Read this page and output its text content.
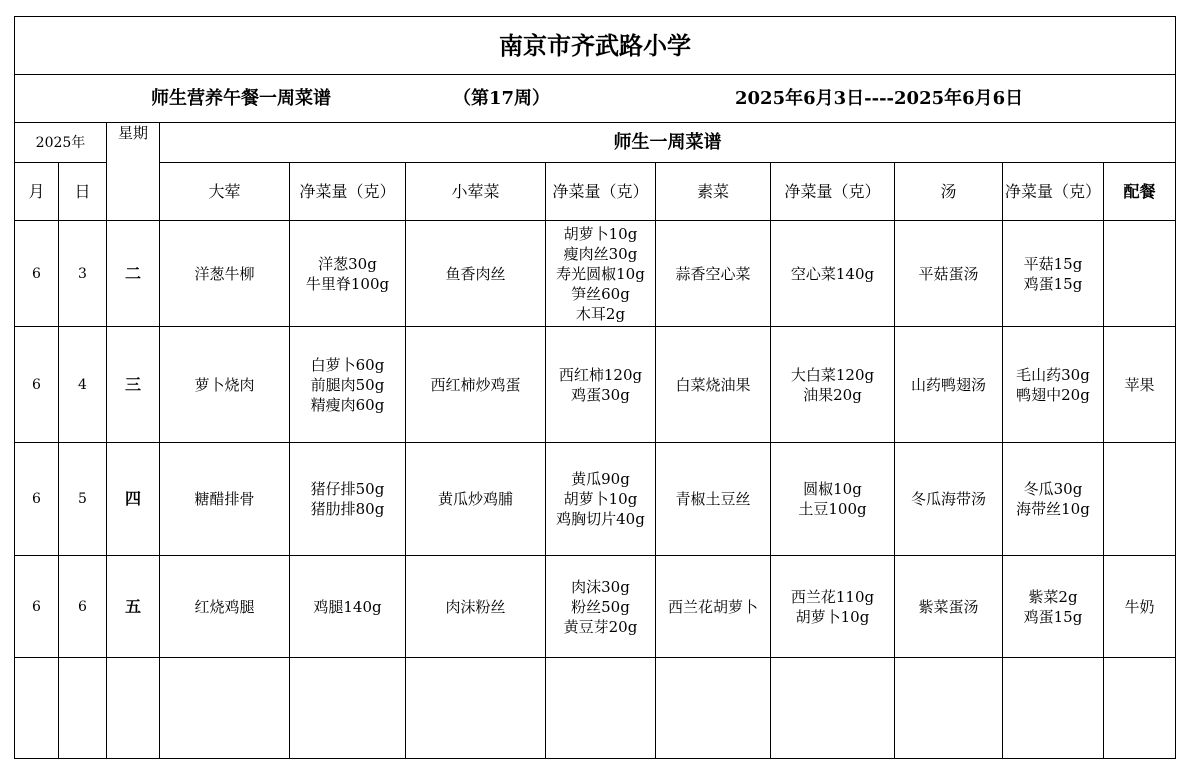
南京市齐武路小学											

师生营养午餐一周菜谱 （第17周） 2025年6月3日----2025年6月6日											

2025年		星期	师生一周菜谱								
月	日		大荤	净菜量（克）	小荤菜	净菜量（克）	素菜	净菜量（克）	汤	净菜量（克）	配餐
6	3	二	洋葱牛柳	洋葱30g
牛里脊100g	鱼香肉丝	胡萝卜10g
瘦肉丝30g
寿光圆椒10g
笋丝60g
木耳2g	蒜香空心菜	空心菜140g	平菇蛋汤	平菇15g
鸡蛋15g	

6	4	三	萝卜烧肉	白萝卜60g
前腿肉50g
精瘦肉60g	西红柿炒鸡蛋	西红柿120g
鸡蛋30g	白菜烧油果	大白菜120g
油果20g	山药鸭翅汤	毛山药30g
鸭翅中20g	苹果
6	5	四	糖醋排骨	猪仔排50g
猪肋排80g	黄瓜炒鸡脯	黄瓜90g
胡萝卜10g
鸡胸切片40g	青椒土豆丝	圆椒10g
土豆100g	冬瓜海带汤	冬瓜30g
海带丝10g	

6	6	五	红烧鸡腿	鸡腿140g	肉沫粉丝	肉沫30g
粉丝50g
黄豆芽20g	西兰花胡萝卜	西兰花110g
胡萝卜10g	紫菜蛋汤	紫菜2g
鸡蛋15g	牛奶
